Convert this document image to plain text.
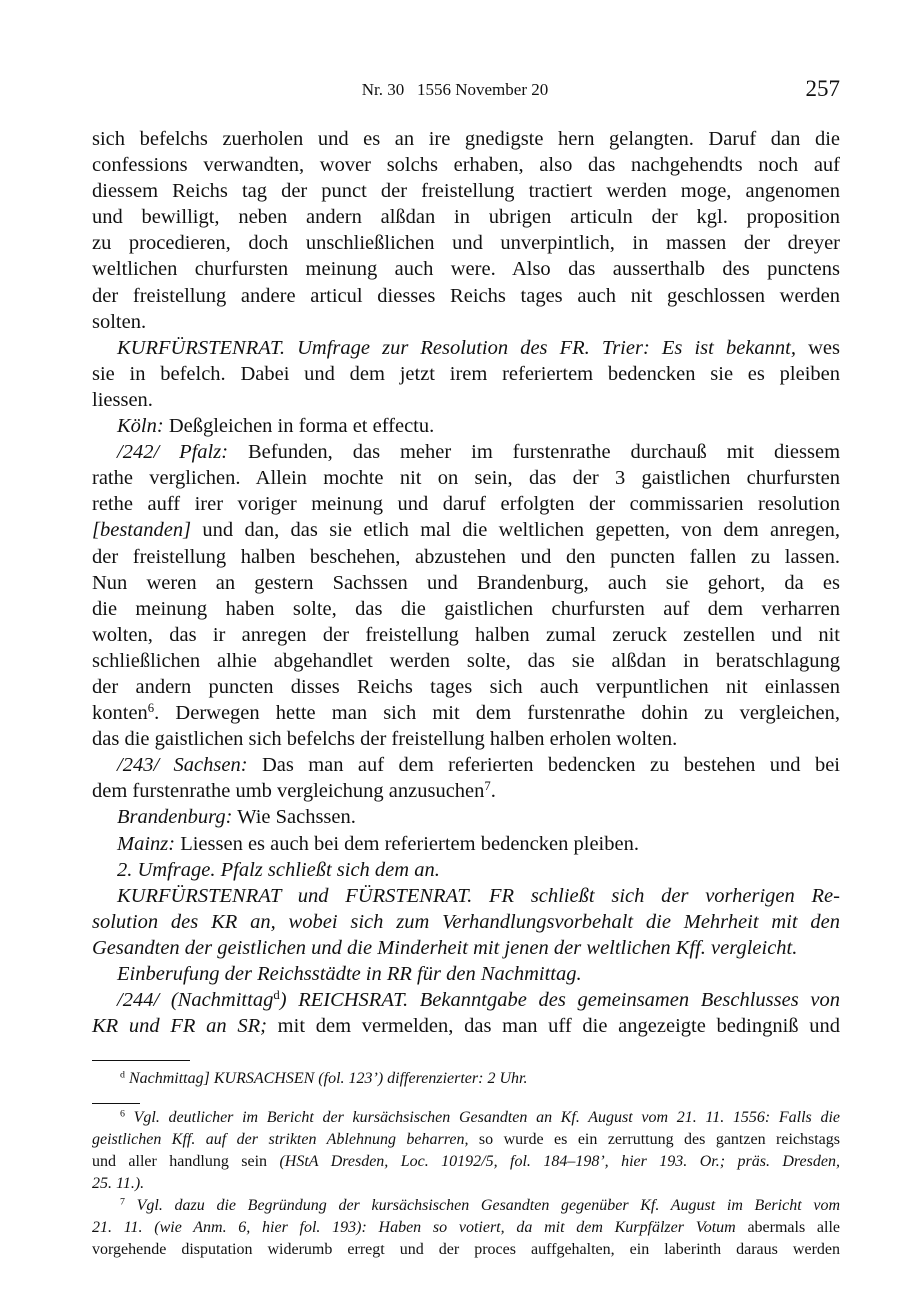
Nr. 30   1556 November 20	257
sich befelchs zuerholen und es an ire gnedigste hern gelangten. Daruf dan die
confessions verwandten, wover solchs erhaben, also das nachgehendts noch auf
diessem Reichs tag der punct der freistellung tractiert werden moge, angenomen
und bewilligt, neben andern alßdan in ubrigen articuln der kgl. proposition
zu procedieren, doch unschließlichen und unverpintlich, in massen der dreyer
weltlichen churfursten meinung auch were. Also das ausserthalb des punctens
der freistellung andere articul diesses Reichs tages auch nit geschlossen werden
solten.
KURFÜRSTENRAT. Umfrage zur Resolution des FR. Trier: Es ist bekannt, wes
sie in befelch. Dabei und dem jetzt irem referiertem bedencken sie es pleiben
liessen.
Köln: Deßgleichen in forma et effectu.
/242/ Pfalz: Befunden, das meher im furstenrathe durchauß mit diessem
rathe verglichen. Allein mochte nit on sein, das der 3 gaistlichen churfursten
rethe auff irer voriger meinung und daruf erfolgten der commissarien resolution
[bestanden] und dan, das sie etlich mal die weltlichen gepetten, von dem anregen,
der freistellung halben beschehen, abzustehen und den puncten fallen zu lassen.
Nun weren an gestern Sachssen und Brandenburg, auch sie gehort, da es
die meinung haben solte, das die gaistlichen churfursten auf dem verharren
wolten, das ir anregen der freistellung halben zumal zeruck zestellen und nit
schließlichen alhie abgehandlet werden solte, das sie alßdan in beratschlagung
der andern puncten disses Reichs tages sich auch verpuntlichen nit einlassen
konten$^6$. Derwegen hette man sich mit dem furstenrathe dohin zu vergleichen,
das die gaistlichen sich befelchs der freistellung halben erholen wolten.
/243/ Sachsen: Das man auf dem referierten bedencken zu bestehen und bei
dem furstenrathe umb vergleichung anzusuchen$^7$.
Brandenburg: Wie Sachssen.
Mainz: Liessen es auch bei dem referiertem bedencken pleiben.
2. Umfrage. Pfalz schließt sich dem an.
KURFÜRSTENRAT und FÜRSTENRAT. FR schließt sich der vorherigen Re-
solution des KR an, wobei sich zum Verhandlungsvorbehalt die Mehrheit mit den
Gesandten der geistlichen und die Minderheit mit jenen der weltlichen Kff. vergleicht.
Einberufung der Reichsstädte in RR für den Nachmittag.
/244/ (Nachmittag$^d$) REICHSRAT. Bekanntgabe des gemeinsamen Beschlusses von
KR und FR an SR; mit dem vermelden, das man uff die angezeigte bedingniß und
$^d$ Nachmittag] KURSACHSEN (fol. 123’) differenzierter: 2 Uhr.
$^6$ Vgl. deutlicher im Bericht der kursächsischen Gesandten an Kf. August vom 21. 11. 1556: Falls die
geistlichen Kff. auf der strikten Ablehnung beharren, so wurde es ein zerruttung des gantzen reichstags
und aller handlung sein (HStA Dresden, Loc. 10192/5, fol. 184–198’, hier 193. Or.; präs. Dresden,
25. 11.).
$^7$ Vgl. dazu die Begründung der kursächsischen Gesandten gegenüber Kf. August im Bericht vom
21. 11. (wie Anm. 6, hier fol. 193): Haben so votiert, da mit dem Kurpfälzer Votum abermals alle
vorgehende disputation widerumb erregt und der proces auffgehalten, ein laberinth daraus werden
